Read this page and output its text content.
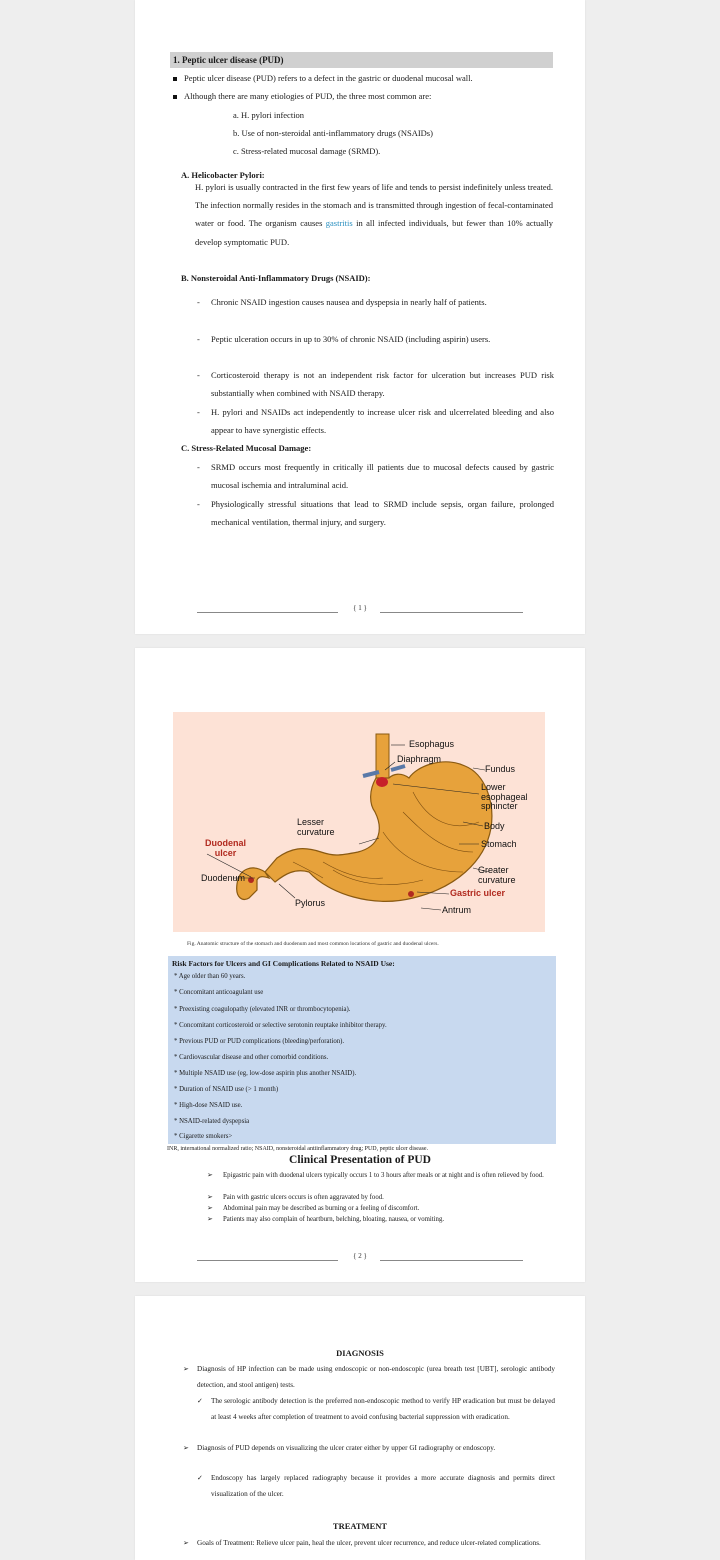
1. Peptic ulcer disease (PUD)
Peptic ulcer disease (PUD) refers to a defect in the gastric or duodenal mucosal wall.
Although there are many etiologies of PUD, the three most common are:
a. H. pylori infection
b. Use of non-steroidal anti-inflammatory drugs (NSAIDs)
c. Stress-related mucosal damage (SRMD).
A. Helicobacter Pylori:
H. pylori is usually contracted in the first few years of life and tends to persist indefinitely unless treated. The infection normally resides in the stomach and is transmitted through ingestion of fecal-contaminated water or food. The organism causes gastritis in all infected individuals, but fewer than 10% actually develop symptomatic PUD.
B. Nonsteroidal Anti-Inflammatory Drugs (NSAID):
- Chronic NSAID ingestion causes nausea and dyspepsia in nearly half of patients.
- Peptic ulceration occurs in up to 30% of chronic NSAID (including aspirin) users.
- Corticosteroid therapy is not an independent risk factor for ulceration but increases PUD risk substantially when combined with NSAID therapy.
- H. pylori and NSAIDs act independently to increase ulcer risk and ulcerrelated bleeding and also appear to have synergistic effects.
C. Stress-Related Mucosal Damage:
- SRMD occurs most frequently in critically ill patients due to mucosal defects caused by gastric mucosal ischemia and intraluminal acid.
- Physiologically stressful situations that lead to SRMD include sepsis, organ failure, prolonged mechanical ventilation, thermal injury, and surgery.
{ 1 }
Esophagus
Diaphragm
Fundus
Lower
esophageal
sphincter
Body
Stomach
Lesser
curvature
Duodenal
ulcer
Duodenum
Greater
curvature
Gastric ulcer
Pylorus
Antrum
Fig. Anatomic structure of the stomach and duodenum and most common locations of gastric and duodenal ulcers.
Risk Factors for Ulcers and GI Complications Related to NSAID Use:
* Age older than 60 years.
* Concomitant anticoagulant use
* Preexisting coagulopathy (elevated INR or thrombocytopenia).
* Concomitant corticosteroid or selective serotonin reuptake inhibitor therapy.
* Previous PUD or PUD complications (bleeding/perforation).
* Cardiovascular disease and other comorbid conditions.
* Multiple NSAID use (eg, low-dose aspirin plus another NSAID).
* Duration of NSAID use (> 1 month)
* High-dose NSAID use.
* NSAID-related dyspepsia
* Cigarette smokers>
INR, international normalized ratio; NSAID, nonsteroidal antiinflammatory drug; PUD, peptic ulcer disease.
Clinical Presentation of PUD
➢ Epigastric pain with duodenal ulcers typically occurs 1 to 3 hours after meals or at night and is often relieved by food.
➢ Pain with gastric ulcers occurs is often aggravated by food.
➢ Abdominal pain may be described as burning or a feeling of discomfort.
➢ Patients may also complain of heartburn, belching, bloating, nausea, or vomiting.
{ 2 }
DIAGNOSIS
➢ Diagnosis of HP infection can be made using endoscopic or non-endoscopic (urea breath test [UBT], serologic antibody detection, and stool antigen) tests.
✓ The serologic antibody detection is the preferred non-endoscopic method to verify HP eradication but must be delayed at least 4 weeks after completion of treatment to avoid confusing bacterial suppression with eradication.
➢ Diagnosis of PUD depends on visualizing the ulcer crater either by upper GI radiography or endoscopy.
✓ Endoscopy has largely replaced radiography because it provides a more accurate diagnosis and permits direct visualization of the ulcer.
TREATMENT
➢ Goals of Treatment: Relieve ulcer pain, heal the ulcer, prevent ulcer recurrence, and reduce ulcer-related complications.
